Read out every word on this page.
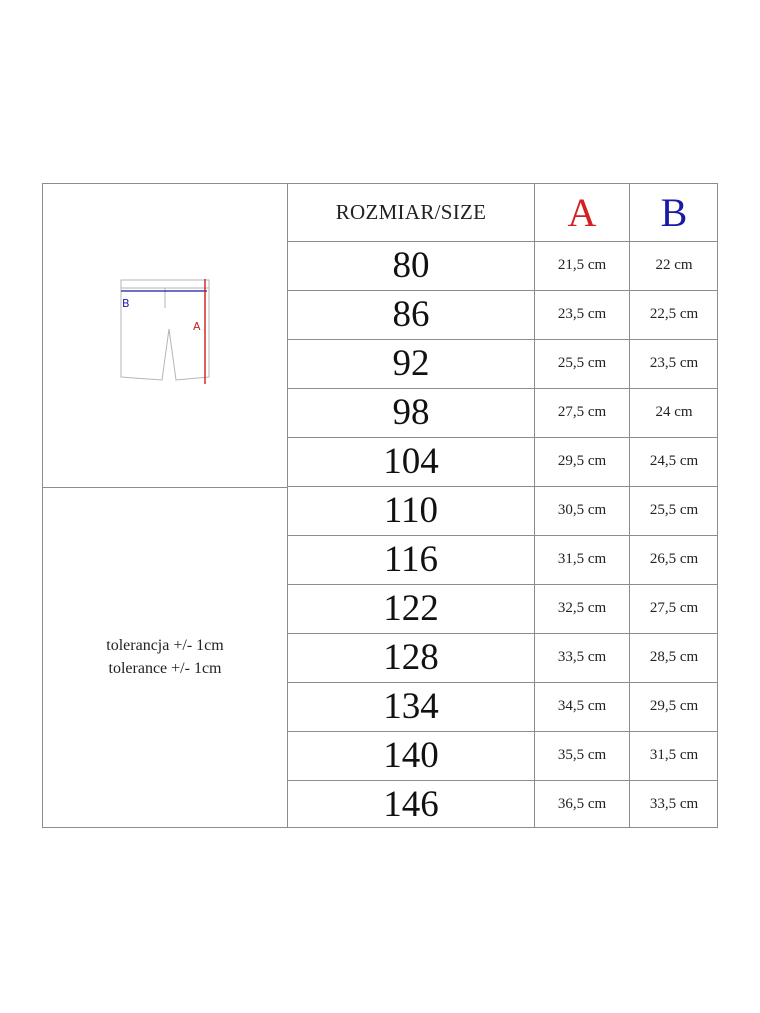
ROZMIAR/SIZE	A	B
B
A
tolerancja +/- 1cm
tolerance +/- 1cm
80	21,5 cm	22 cm
86	23,5 cm	22,5 cm
92	25,5 cm	23,5 cm
98	27,5 cm	24 cm
104	29,5 cm	24,5 cm
110	30,5 cm	25,5 cm
116	31,5 cm	26,5 cm
122	32,5 cm	27,5 cm
128	33,5 cm	28,5 cm
134	34,5 cm	29,5 cm
140	35,5 cm	31,5 cm
146	36,5 cm	33,5 cm
